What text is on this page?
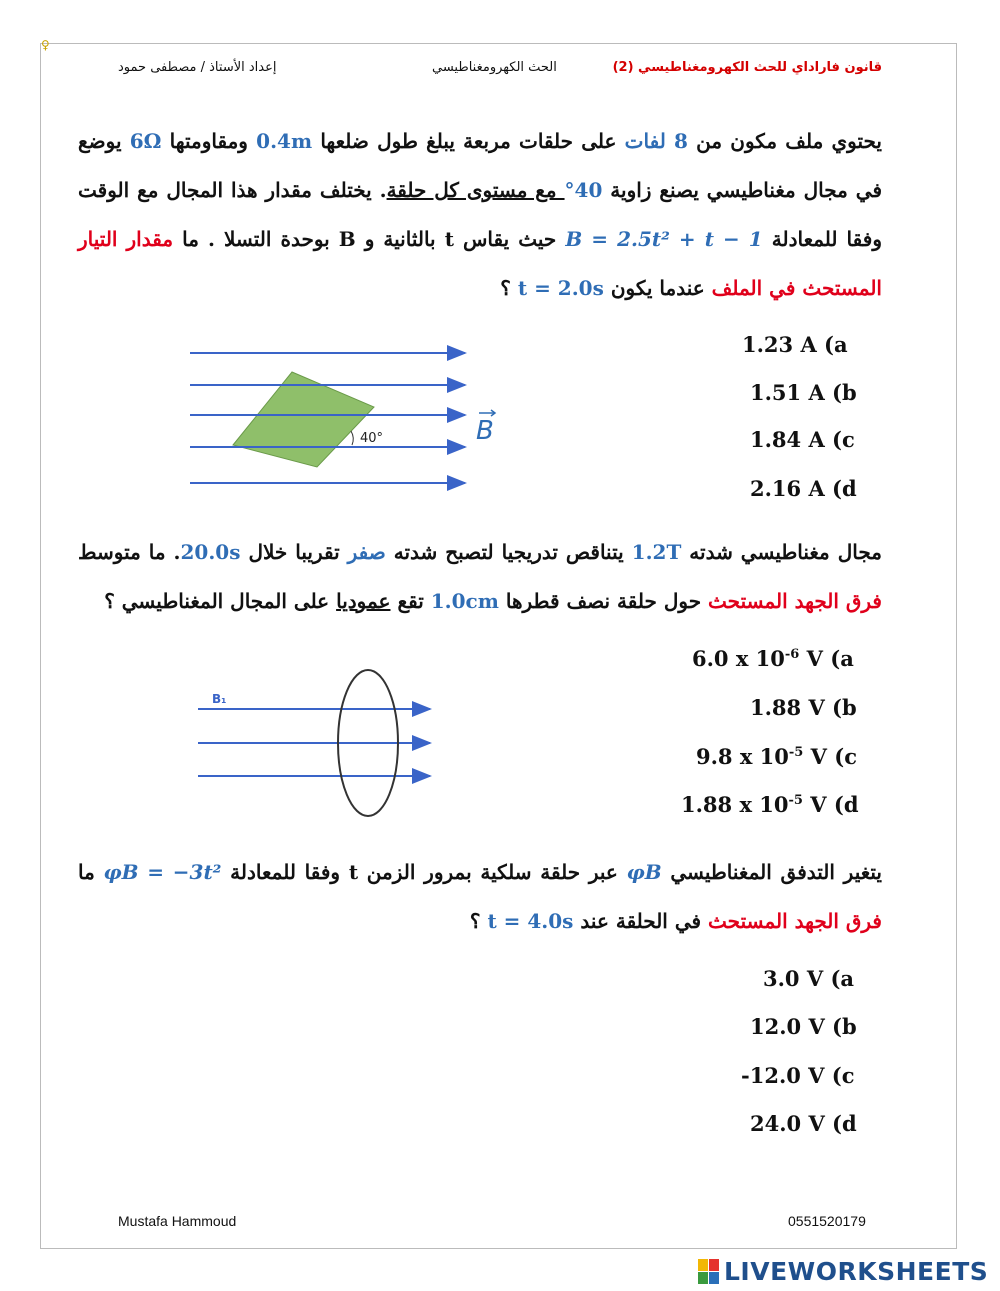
♀
قانون فاراداي للحث الكهرومغناطيسي (2)
الحث الكهرومغناطيسي
إعداد الأستاذ / مصطفى حمود
يحتوي ملف مكون من 8 لفات على حلقات مربعة يبلغ طول ضلعها 0.4m ومقاومتها 6Ω يوضع في مجال مغناطيسي يصنع زاوية 40° مع مستوى كل حلقة. يختلف مقدار هذا المجال مع الوقت وفقا للمعادلة B = 2.5t² + t − 1 حيث يقاس t بالثانية و B بوحدة التسلا . ما مقدار التيار المستحث في الملف عندما يكون t = 2.0s ؟
40°	B
1.23 A (a
1.51 A (b
1.84 A (c
2.16 A (d
مجال مغناطيسي شدته 1.2T يتناقص تدريجيا لتصبح شدته صفر تقريبا خلال 20.0s. ما متوسط فرق الجهد المستحث حول حلقة نصف قطرها 1.0cm تقع عموديا على المجال المغناطيسي ؟
B₁
6.0 x $10^{-6}$ V (a
1.88 V (b
9.8 x $10^{-5}$ V (c
1.88 x $10^{-5}$ V (d
يتغير التدفق المغناطيسي φB عبر حلقة سلكية بمرور الزمن t وفقا للمعادلة φB = −3t² ما فرق الجهد المستحث في الحلقة عند t = 4.0s ؟
3.0 V (a
12.0 V (b
-12.0 V (c
24.0 V (d
Mustafa Hammoud	0551520179
LIVEWORKSHEETS
